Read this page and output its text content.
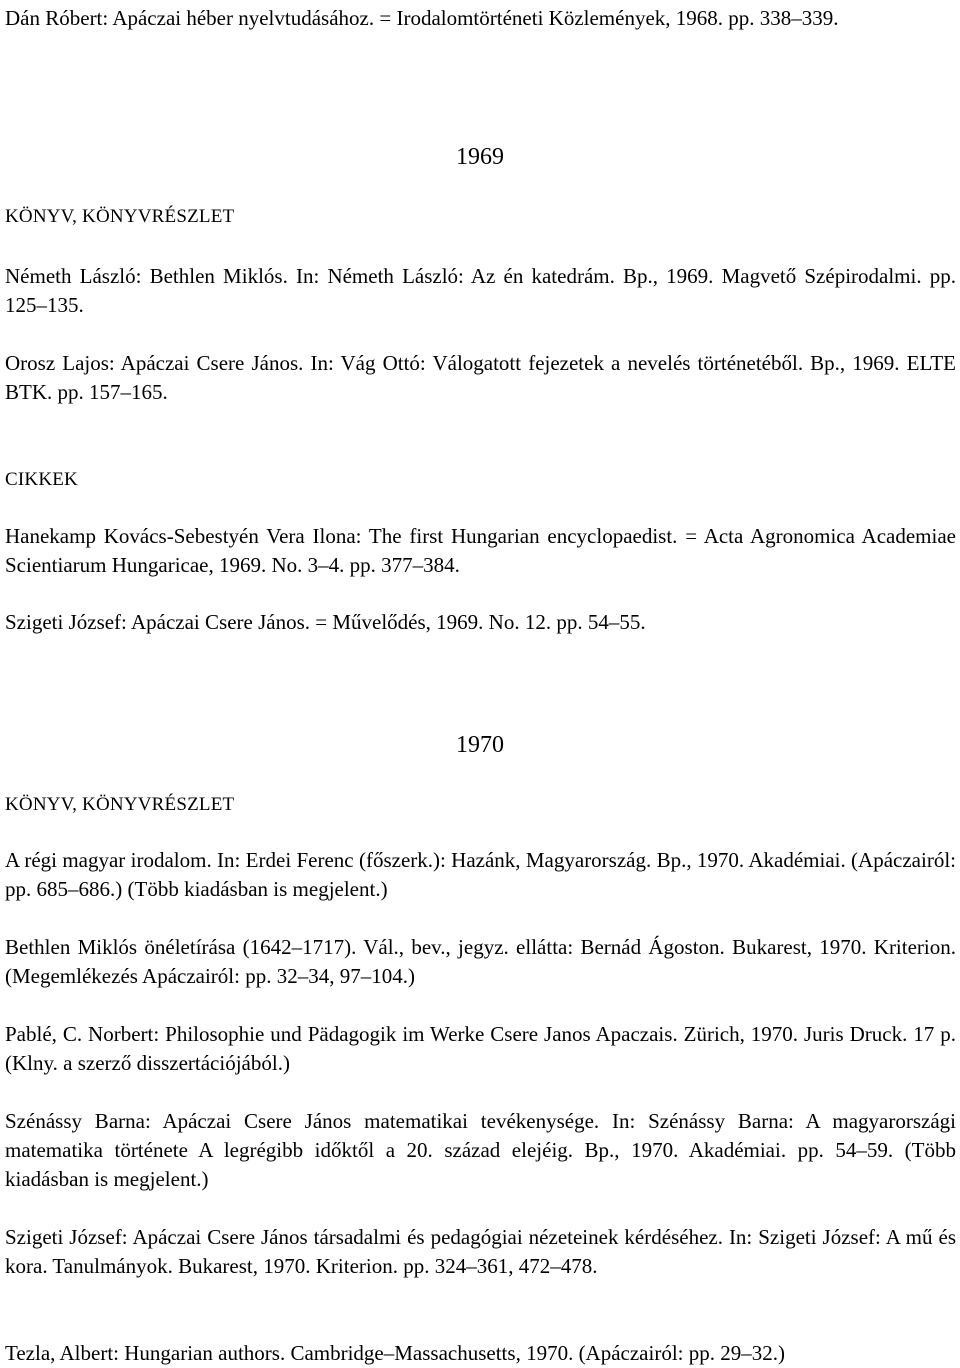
Dán Róbert: Apáczai héber nyelvtudásához. = Irodalomtörténeti Közlemények, 1968. pp. 338–339.

1969
KÖNYV, KÖNYVRÉSZLET

Németh László: Bethlen Miklós. In: Németh László: Az én katedrám. Bp., 1969. Magvető Szépirodalmi. pp. 125–135.

Orosz Lajos: Apáczai Csere János. In: Vág Ottó: Válogatott fejezetek a nevelés történetéből. Bp., 1969. ELTE BTK. pp. 157–165.

CIKKEK

Hanekamp Kovács-Sebestyén Vera Ilona: The first Hungarian encyclopaedist. = Acta Agronomica Academiae Scientiarum Hungaricae, 1969. No. 3–4. pp. 377–384.

Szigeti József: Apáczai Csere János. = Művelődés, 1969. No. 12. pp. 54–55.

1970
KÖNYV, KÖNYVRÉSZLET

A régi magyar irodalom. In: Erdei Ferenc (főszerk.): Hazánk, Magyarország. Bp., 1970. Akadémiai. (Apáczairól: pp. 685–686.) (Több kiadásban is megjelent.)

Bethlen Miklós önéletírása (1642–1717). Vál., bev., jegyz. ellátta: Bernád Ágoston. Bukarest, 1970. Kriterion. (Megemlékezés Apáczairól: pp. 32–34, 97–104.)

Pablé, C. Norbert: Philosophie und Pädagogik im Werke Csere Janos Apaczais. Zürich, 1970. Juris Druck. 17 p. (Klny. a szerző disszertációjából.)

Szénássy Barna: Apáczai Csere János matematikai tevékenysége. In: Szénássy Barna: A magyarországi matematika története A legrégibb időktől a 20. század elejéig. Bp., 1970. Akadémiai. pp. 54–59. (Több kiadásban is megjelent.)

Szigeti József: Apáczai Csere János társadalmi és pedagógiai nézeteinek kérdéséhez. In: Szigeti József: A mű és kora. Tanulmányok. Bukarest, 1970. Kriterion. pp. 324–361, 472–478.

Tezla, Albert: Hungarian authors. Cambridge–Massachusetts, 1970. (Apáczairól: pp. 29–32.)
